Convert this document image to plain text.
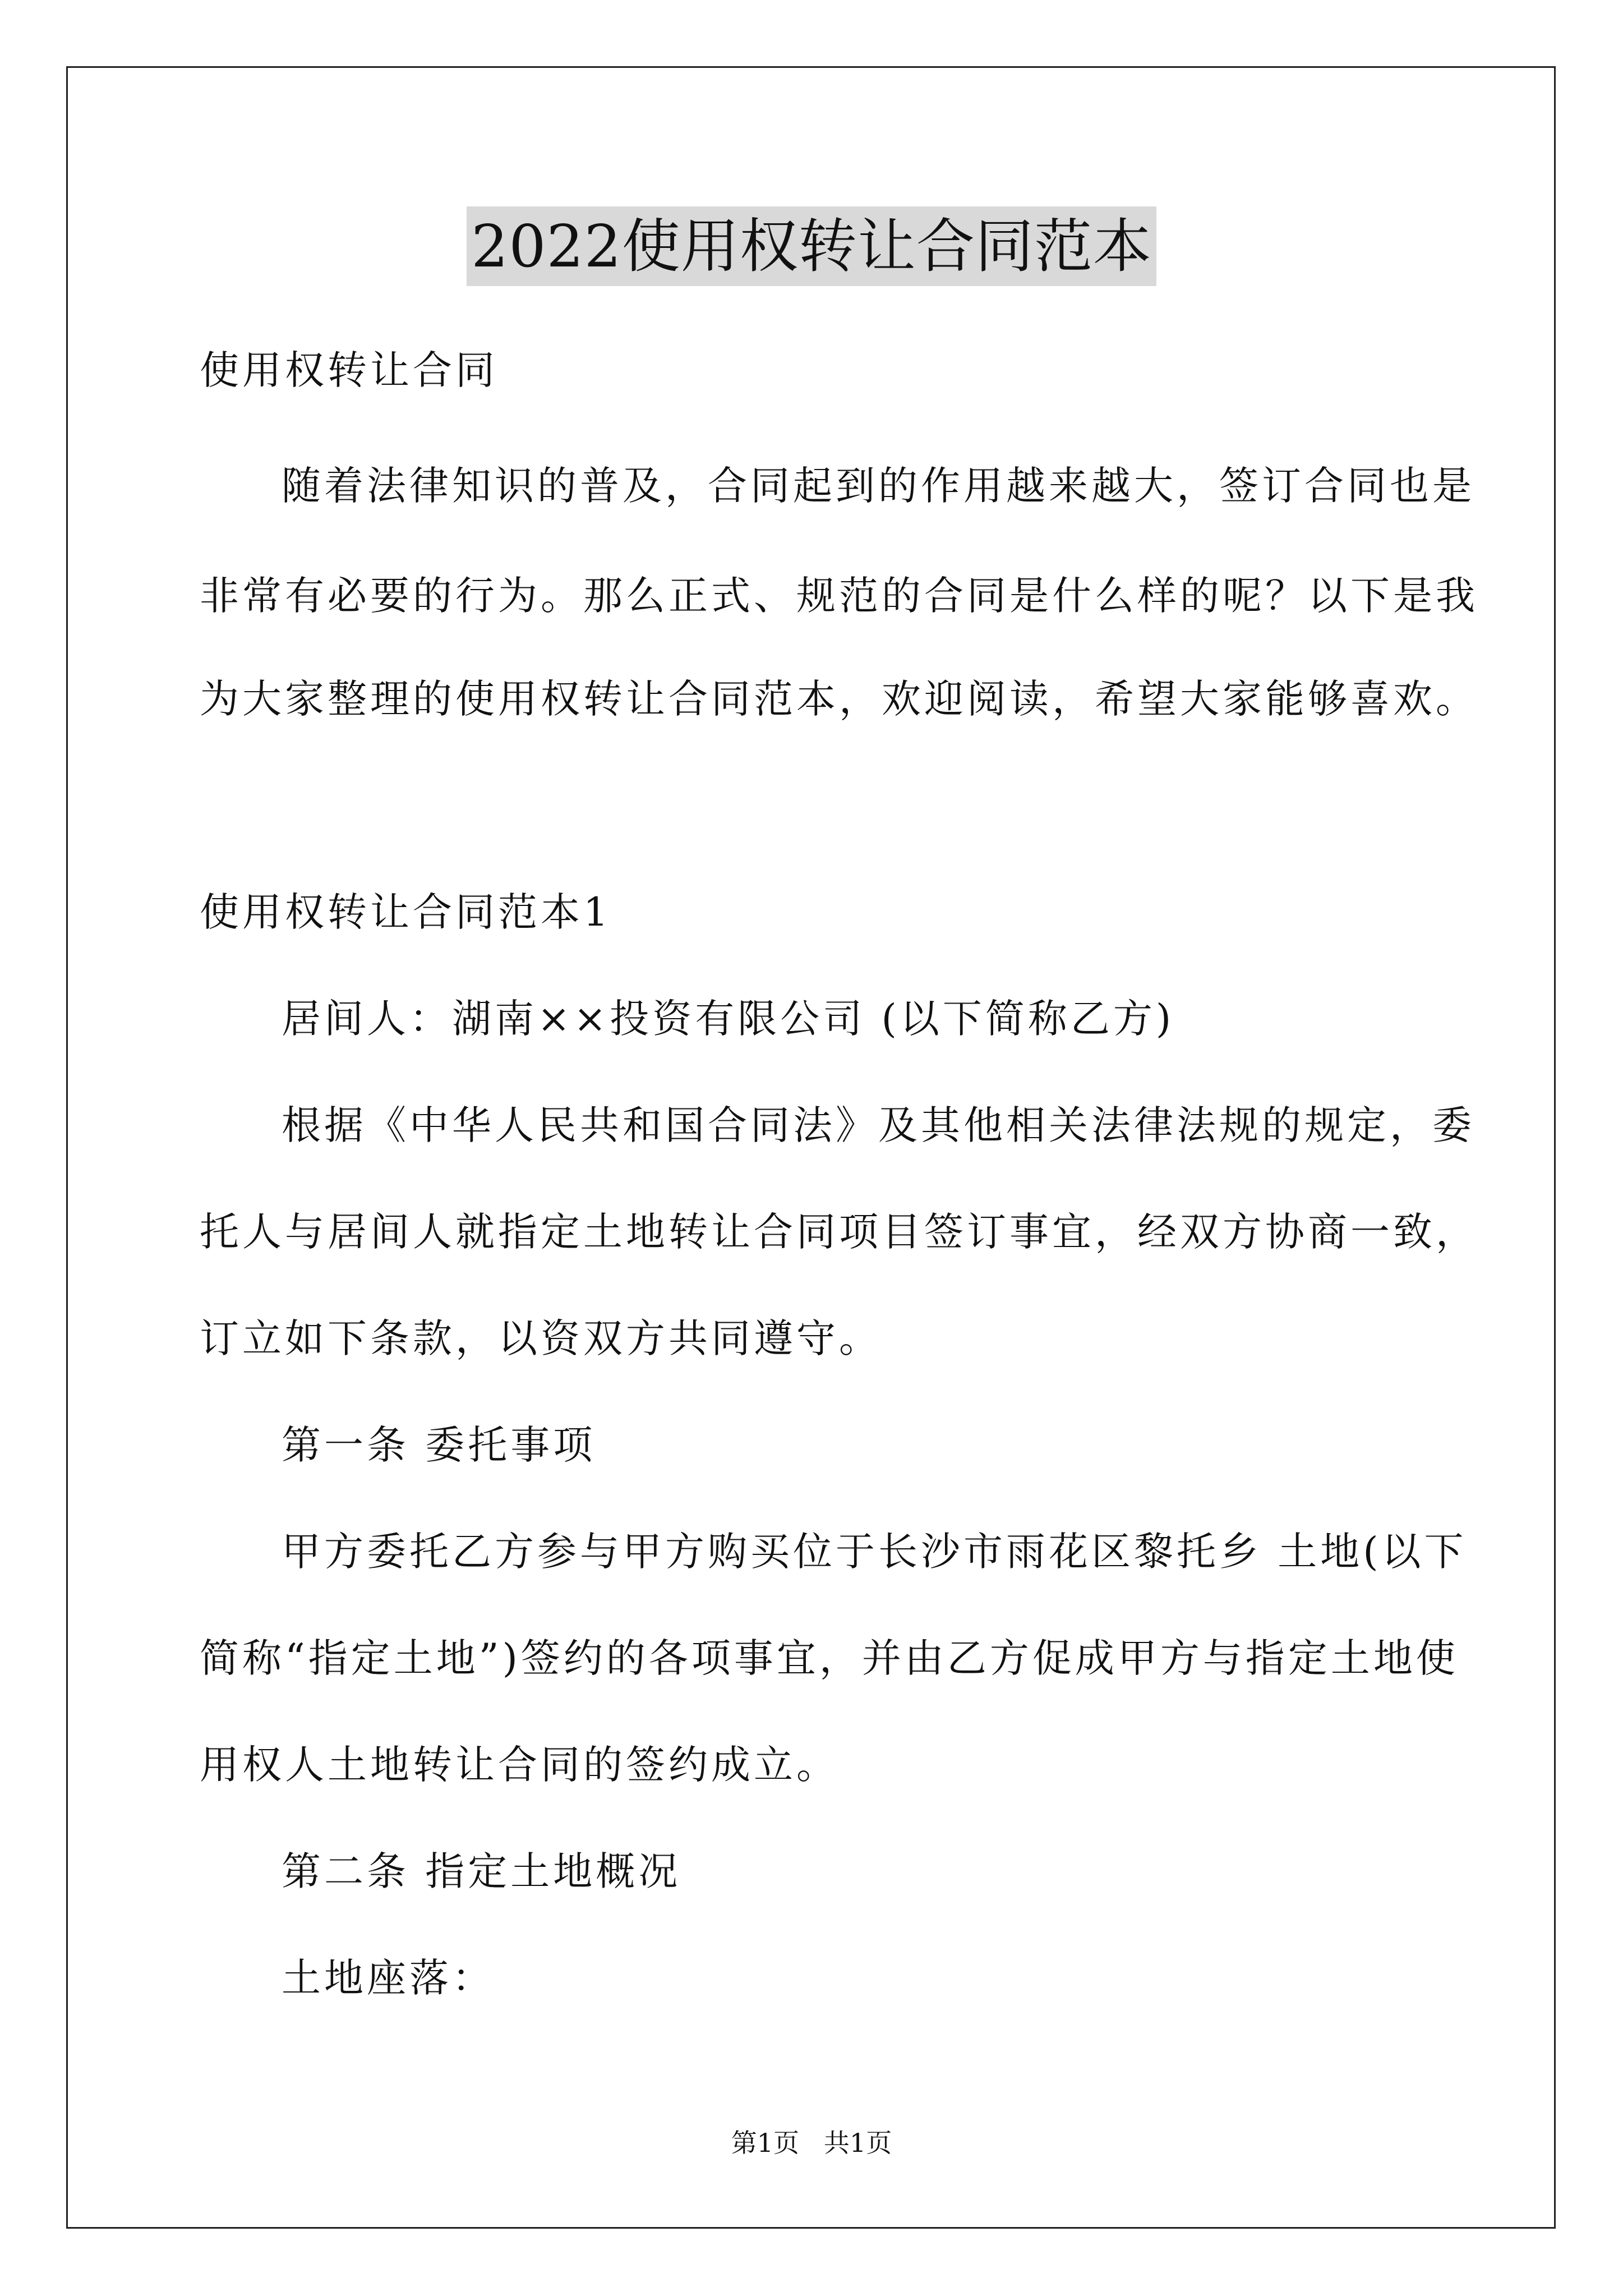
2022使用权转让合同范本
使用权转让合同
随着法律知识的普及，合同起到的作用越来越大，签订合同也是
非常有必要的行为。那么正式、规范的合同是什么样的呢？以下是我
为大家整理的使用权转让合同范本，欢迎阅读，希望大家能够喜欢。
使用权转让合同范本1
居间人：湖南××投资有限公司 (以下简称乙方)
根据《中华人民共和国合同法》及其他相关法律法规的规定，委
托人与居间人就指定土地转让合同项目签订事宜，经双方协商一致，
订立如下条款，以资双方共同遵守。
第一条 委托事项
甲方委托乙方参与甲方购买位于长沙市雨花区黎托乡 土地(以下
简称“指定土地”)签约的各项事宜，并由乙方促成甲方与指定土地使
用权人土地转让合同的签约成立。
第二条 指定土地概况
土地座落：
第1页   共1页
